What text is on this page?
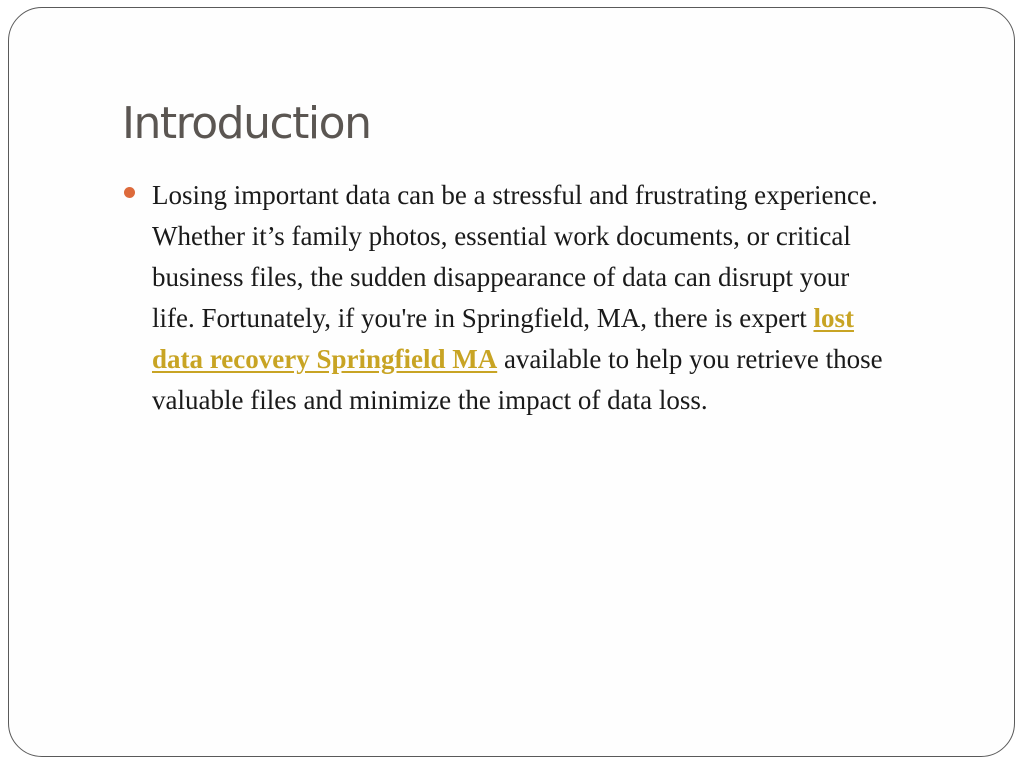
Introduction
Losing important data can be a stressful and frustrating experience. Whether it’s family photos, essential work documents, or critical business files, the sudden disappearance of data can disrupt your life. Fortunately, if you're in Springfield, MA, there is expert lost data recovery Springfield MA available to help you retrieve those valuable files and minimize the impact of data loss.
